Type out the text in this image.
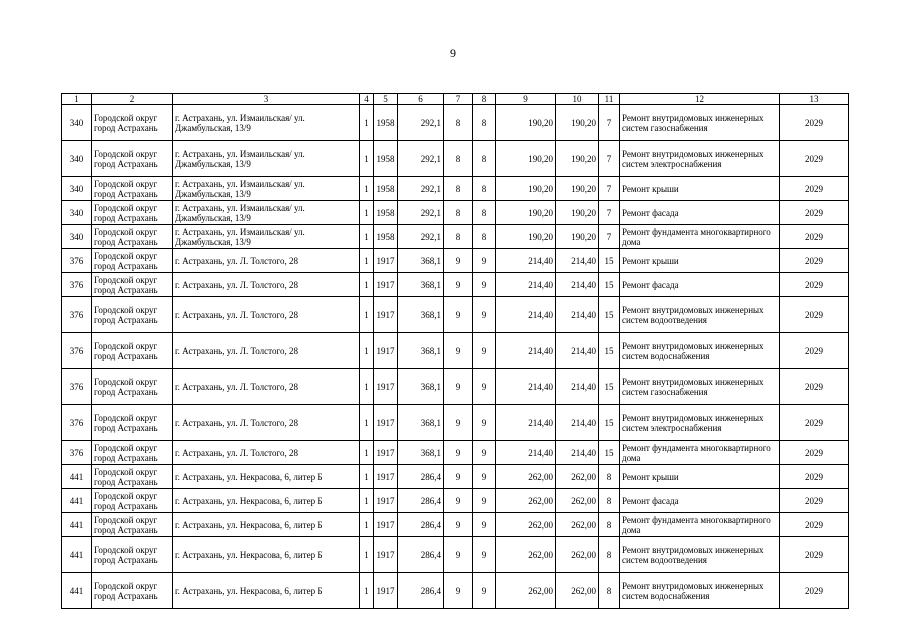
9
1	2	3	4	5	6	7	8	9	10	11	12	13
340	Городской округ город Астрахань	г. Астрахань, ул. Измаильская/ ул. Джамбульская, 13/9	1	1958	292,1	8	8	190,20	190,20	7	Ремонт внутридомовых инженерных систем газоснабжения	2029
340	Городской округ город Астрахань	г. Астрахань, ул. Измаильская/ ул. Джамбульская, 13/9	1	1958	292,1	8	8	190,20	190,20	7	Ремонт внутридомовых инженерных систем электроснабжения	2029
340	Городской округ город Астрахань	г. Астрахань, ул. Измаильская/ ул. Джамбульская, 13/9	1	1958	292,1	8	8	190,20	190,20	7	Ремонт крыши	2029
340	Городской округ город Астрахань	г. Астрахань, ул. Измаильская/ ул. Джамбульская, 13/9	1	1958	292,1	8	8	190,20	190,20	7	Ремонт фасада	2029
340	Городской округ город Астрахань	г. Астрахань, ул. Измаильская/ ул. Джамбульская, 13/9	1	1958	292,1	8	8	190,20	190,20	7	Ремонт фундамента многоквартирного дома	2029
376	Городской округ город Астрахань	г. Астрахань, ул. Л. Толстого, 28	1	1917	368,1	9	9	214,40	214,40	15	Ремонт крыши	2029
376	Городской округ город Астрахань	г. Астрахань, ул. Л. Толстого, 28	1	1917	368,1	9	9	214,40	214,40	15	Ремонт фасада	2029
376	Городской округ город Астрахань	г. Астрахань, ул. Л. Толстого, 28	1	1917	368,1	9	9	214,40	214,40	15	Ремонт внутридомовых инженерных систем водоотведения	2029
376	Городской округ город Астрахань	г. Астрахань, ул. Л. Толстого, 28	1	1917	368,1	9	9	214,40	214,40	15	Ремонт внутридомовых инженерных систем водоснабжения	2029
376	Городской округ город Астрахань	г. Астрахань, ул. Л. Толстого, 28	1	1917	368,1	9	9	214,40	214,40	15	Ремонт внутридомовых инженерных систем газоснабжения	2029
376	Городской округ город Астрахань	г. Астрахань, ул. Л. Толстого, 28	1	1917	368,1	9	9	214,40	214,40	15	Ремонт внутридомовых инженерных систем электроснабжения	2029
376	Городской округ город Астрахань	г. Астрахань, ул. Л. Толстого, 28	1	1917	368,1	9	9	214,40	214,40	15	Ремонт фундамента многоквартирного дома	2029
441	Городской округ город Астрахань	г. Астрахань, ул. Некрасова, 6, литер Б	1	1917	286,4	9	9	262,00	262,00	8	Ремонт крыши	2029
441	Городской округ город Астрахань	г. Астрахань, ул. Некрасова, 6, литер Б	1	1917	286,4	9	9	262,00	262,00	8	Ремонт фасада	2029
441	Городской округ город Астрахань	г. Астрахань, ул. Некрасова, 6, литер Б	1	1917	286,4	9	9	262,00	262,00	8	Ремонт фундамента многоквартирного дома	2029
441	Городской округ город Астрахань	г. Астрахань, ул. Некрасова, 6, литер Б	1	1917	286,4	9	9	262,00	262,00	8	Ремонт внутридомовых инженерных систем водоотведения	2029
441	Городской округ город Астрахань	г. Астрахань, ул. Некрасова, 6, литер Б	1	1917	286,4	9	9	262,00	262,00	8	Ремонт внутридомовых инженерных систем водоснабжения	2029
